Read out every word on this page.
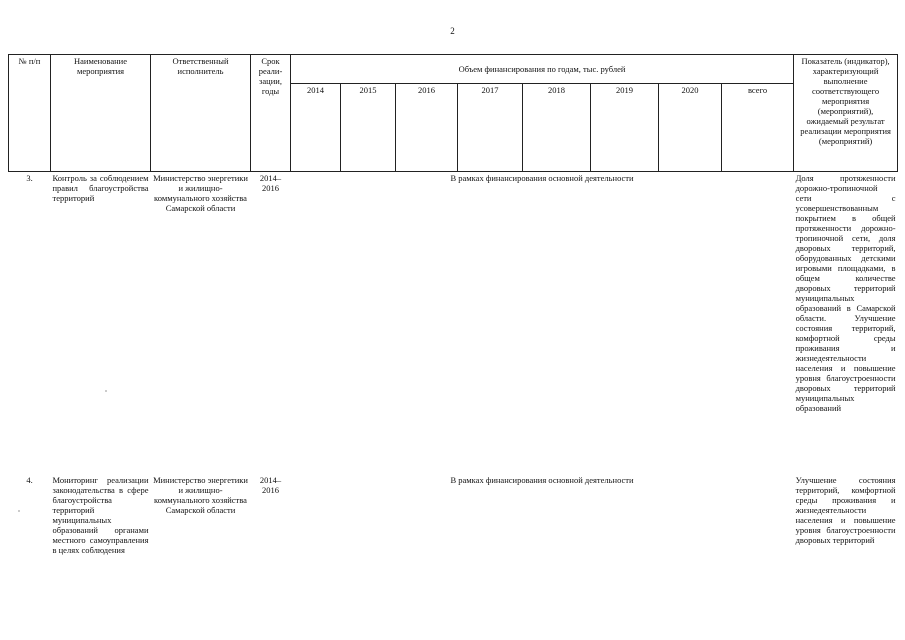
2
№ п/п	Наименование мероприятия	Ответственный исполнитель	Срок реали-зации, годы	Объем финансирования по годам, тыс. рублей								Показатель (индикатор), характеризующий выполнение соответствующего мероприятия (мероприятий), ожидаемый результат реализации мероприятия (мероприятий)
				2014	2015	2016	2017	2018	2019	2020	всего	
3.	Контроль за соблюдением правил благоустройства территорий	Министерство энергетики и жилищно-коммунального хозяйства Самарской области	2014–2016	В рамках финансирования основной деятельности								Доля протяженности дорожно-тропиночной сети с усовершенствованным покрытием в общей протяженности дорожно-тропиночной сети, доля дворовых территорий, оборудованных детскими игровыми площадками, в общем количестве дворовых территорий муниципальных образований в Самарской области. Улучшение состояния территорий, комфортной среды проживания и жизнедеятельности населения и повышение уровня благоустроенности дворовых территорий муниципальных образований
4.	Мониторинг реализации законодательства в сфере благоустройства территорий муниципальных образований органами местного самоуправления в целях соблюдения	Министерство энергетики и жилищно-коммунального хозяйства Самарской области	2014–2016	В рамках финансирования основной деятельности								Улучшение состояния территорий, комфортной среды проживания и жизнедеятельности населения и повышение уровня благоустроенности дворовых территорий
